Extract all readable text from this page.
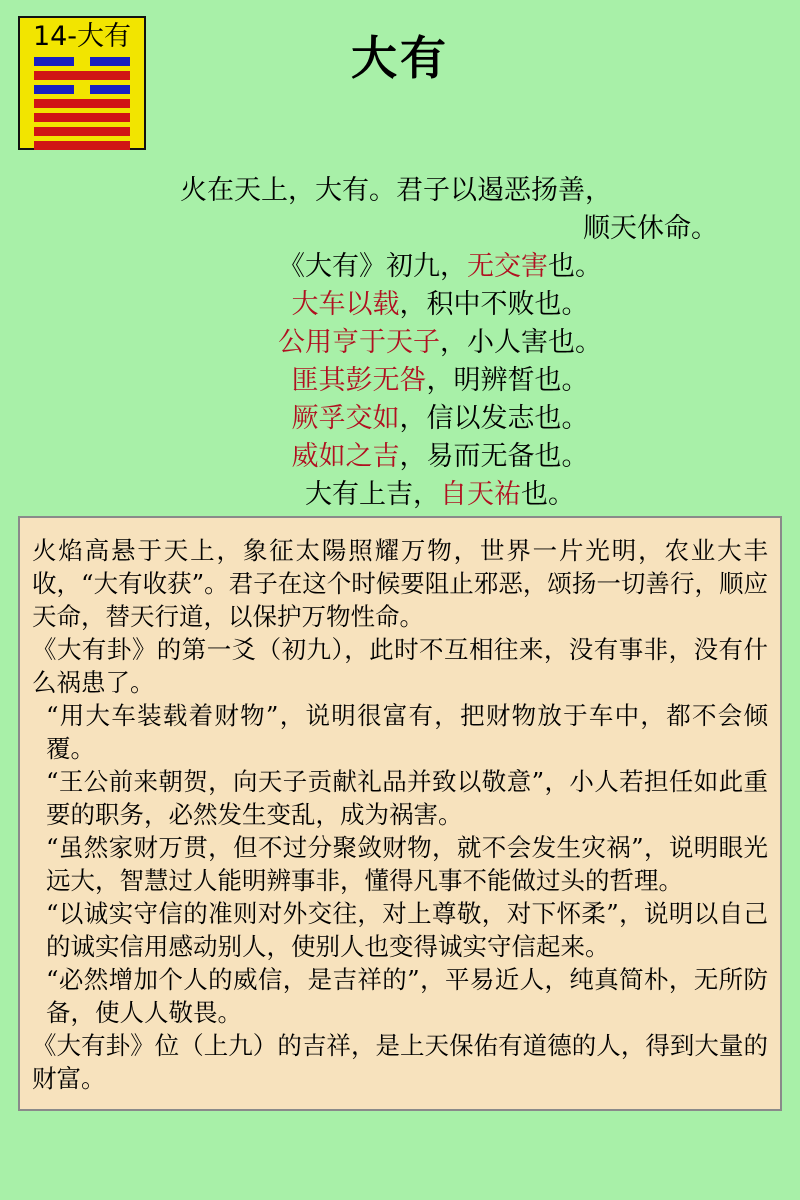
14-大有	大有
火在天上，大有。君子以遏恶扬善，
顺天休命。
《大有》初九，无交害也。
大车以载，积中不败也。
公用亨于天子，小人害也。
匪其彭无咎，明辨皙也。
厥孚交如，信以发志也。
威如之吉，易而无备也。
大有上吉，自天祐也。

火焰高悬于天上，象征太陽照耀万物，世界一片光明，农业大丰收，“大有收获”。君子在这个时候要阻止邪恶，颂扬一切善行，顺应天命，替天行道，以保护万物性命。

《大有卦》的第一爻（初九），此时不互相往来，没有事非，没有什么祸患了。

“用大车装载着财物”，说明很富有，把财物放于车中，都不会倾覆。

“王公前来朝贺，向天子贡献礼品并致以敬意”，小人若担任如此重要的职务，必然发生变乱，成为祸害。

“虽然家财万贯，但不过分聚敛财物，就不会发生灾祸”，说明眼光远大，智慧过人能明辨事非，懂得凡事不能做过头的哲理。

“以诚实守信的准则对外交往，对上尊敬，对下怀柔”，说明以自己的诚实信用感动别人，使别人也变得诚实守信起来。

“必然增加个人的威信，是吉祥的”，平易近人，纯真简朴，无所防备，使人人敬畏。

《大有卦》位（上九）的吉祥，是上天保佑有道德的人，得到大量的财富。
